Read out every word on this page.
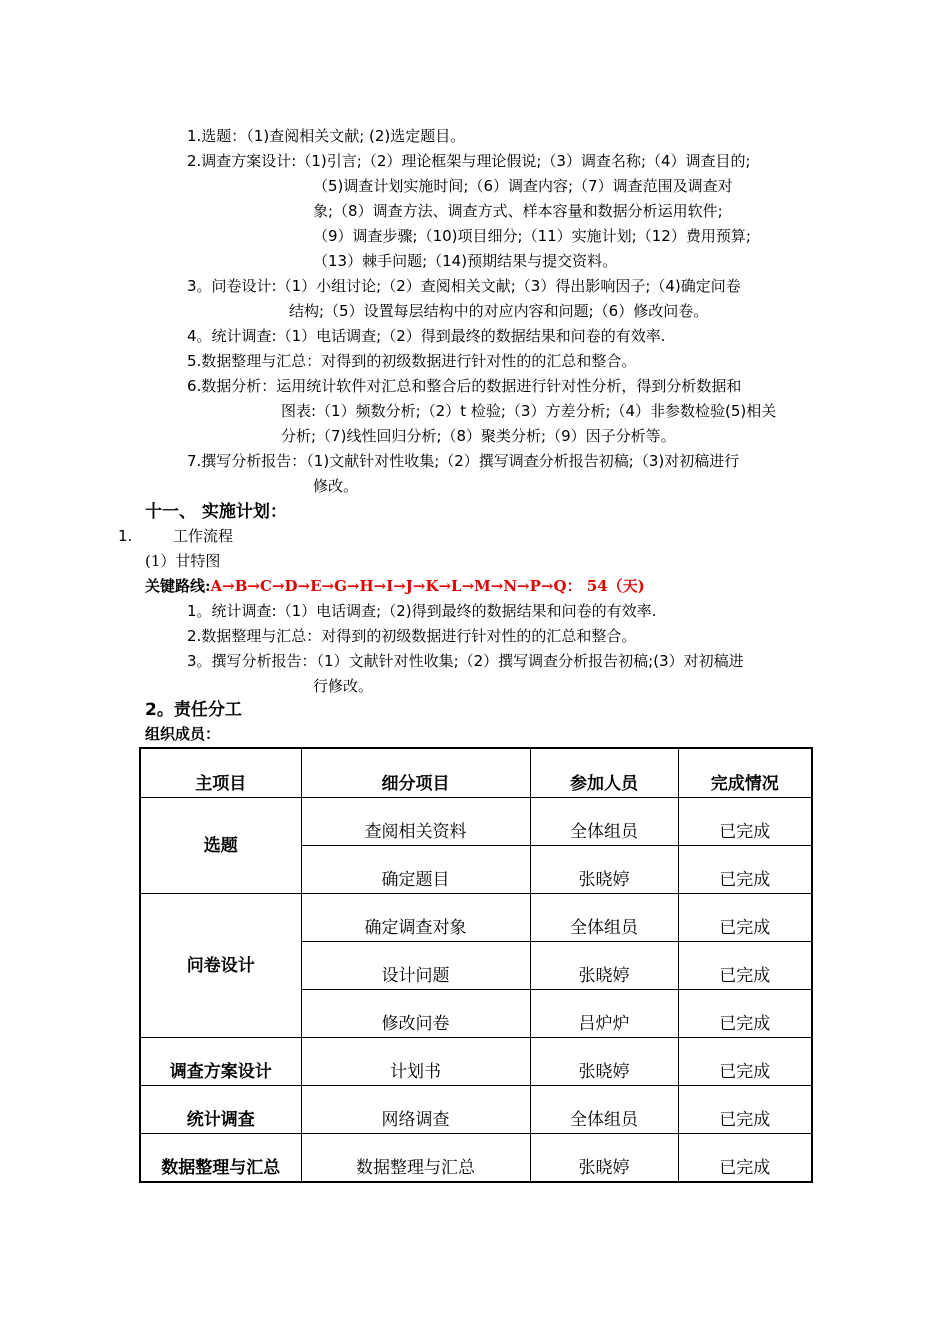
1.选题：（1)查阅相关文献; (2)选定题目。
2.调查方案设计:（1)引言;（2）理论框架与理论假说;（3）调查名称;（4）调查目的;
（5)调查计划实施时间;（6）调查内容;（7）调查范围及调查对
象;（8）调查方法、调查方式、样本容量和数据分析运用软件;
（9）调查步骤;（10)项目细分;（11）实施计划;（12）费用预算;
（13）棘手问题;（14)预期结果与提交资料。
3。问卷设计:（1）小组讨论;（2）查阅相关文献;（3）得出影响因子;（4)确定问卷
结构;（5）设置每层结构中的对应内容和问题;（6）修改问卷。
4。统计调查:（1）电话调查;（2）得到最终的数据结果和问卷的有效率.
5.数据整理与汇总：对得到的初级数据进行针对性的的汇总和整合。
6.数据分析：运用统计软件对汇总和整合后的数据进行针对性分析，得到分析数据和
图表:（1）频数分析;（2）t 检验;（3）方差分析;（4）非参数检验(5)相关
分析;（7)线性回归分析;（8）聚类分析;（9）因子分析等。
7.撰写分析报告：（1)文献针对性收集;（2）撰写调查分析报告初稿;（3)对初稿进行
修改。
十一、 实施计划：
1.	工作流程
(1）甘特图
关键路线:A→B→C→D→E→G→H→I→J→K→L→M→N→P→Q： 54（天)
1。统计调查:（1）电话调查;（2)得到最终的数据结果和问卷的有效率.
2.数据整理与汇总：对得到的初级数据进行针对性的的汇总和整合。
3。撰写分析报告：（1）文献针对性收集;（2）撰写调查分析报告初稿;(3）对初稿进
行修改。
2。责任分工
组织成员：
主项目	细分项目	参加人员	完成情况

选题	查阅相关资料	全体组员	已完成

	确定题目	张晓婷	已完成

问卷设计	确定调查对象	全体组员	已完成

	设计问题	张晓婷	已完成

	修改问卷	吕炉炉	已完成

调查方案设计	计划书	张晓婷	已完成

统计调查	网络调查	全体组员	已完成

数据整理与汇总	数据整理与汇总	张晓婷	已完成
